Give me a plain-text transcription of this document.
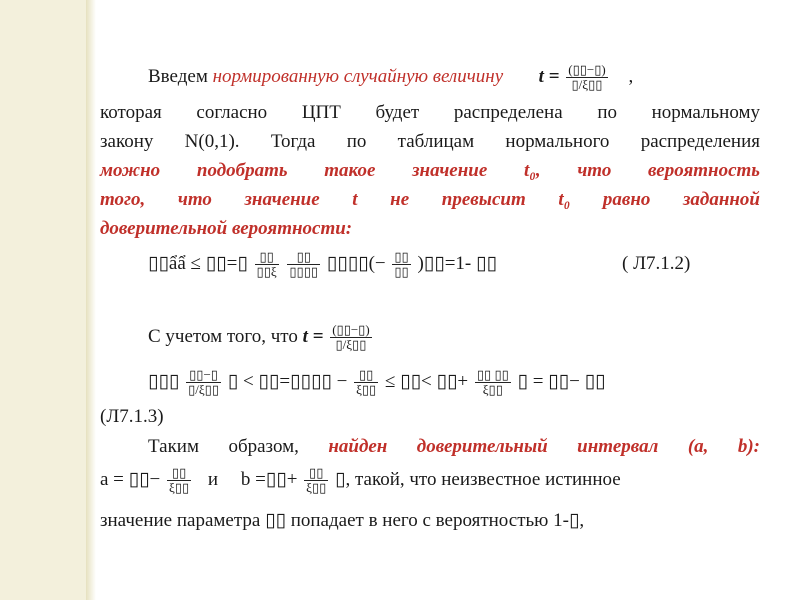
Введем нормированную случайную величину $t = \frac{(▯▯-▯)}{▯/\xi▯▯}$ ,
которая согласно ЦПТ будет распределена по нормальному
закону N(0,1). Тогда по таблицам нормального распределения
можно подобрать такое значение t₀, что вероятность
того, что значение t не превысит t₀ равно заданной
доверительной вероятности:
▯▯ẩẩ ≤ ▯▯=▯ $\frac{▯▯}{▯▯\xi}$
$\frac{▯▯}{▯▯▯▯}$ ▯▯▯▯(− $\frac{▯▯}{▯▯}$ )▯▯=1- ▯▯	( Л7.1.2)
С учетом того, что $t = \frac{(▯▯-▯)}{▯/\xi▯▯}$
▯▯▯ $\frac{▯▯-▯}{▯/\xi▯▯}$ ▯ < ▯▯=▯▯▯▯ − $\frac{▯▯}{\xi▯▯}$ ≤ ▯▯< ▯▯+ $\frac{▯▯ ▯▯}{\xi▯▯}$ ▯ = ▯▯− ▯▯
(Л7.1.3)
Таким образом, найден доверительный интервал (a, b):
a = ▯▯− $\frac{▯▯}{\xi▯▯}$ и b =▯▯+ $\frac{▯▯}{\xi▯▯}$ ▯, такой, что неизвестное истинное
значение параметра ▯▯ попадает в него с вероятностью 1-▯,
